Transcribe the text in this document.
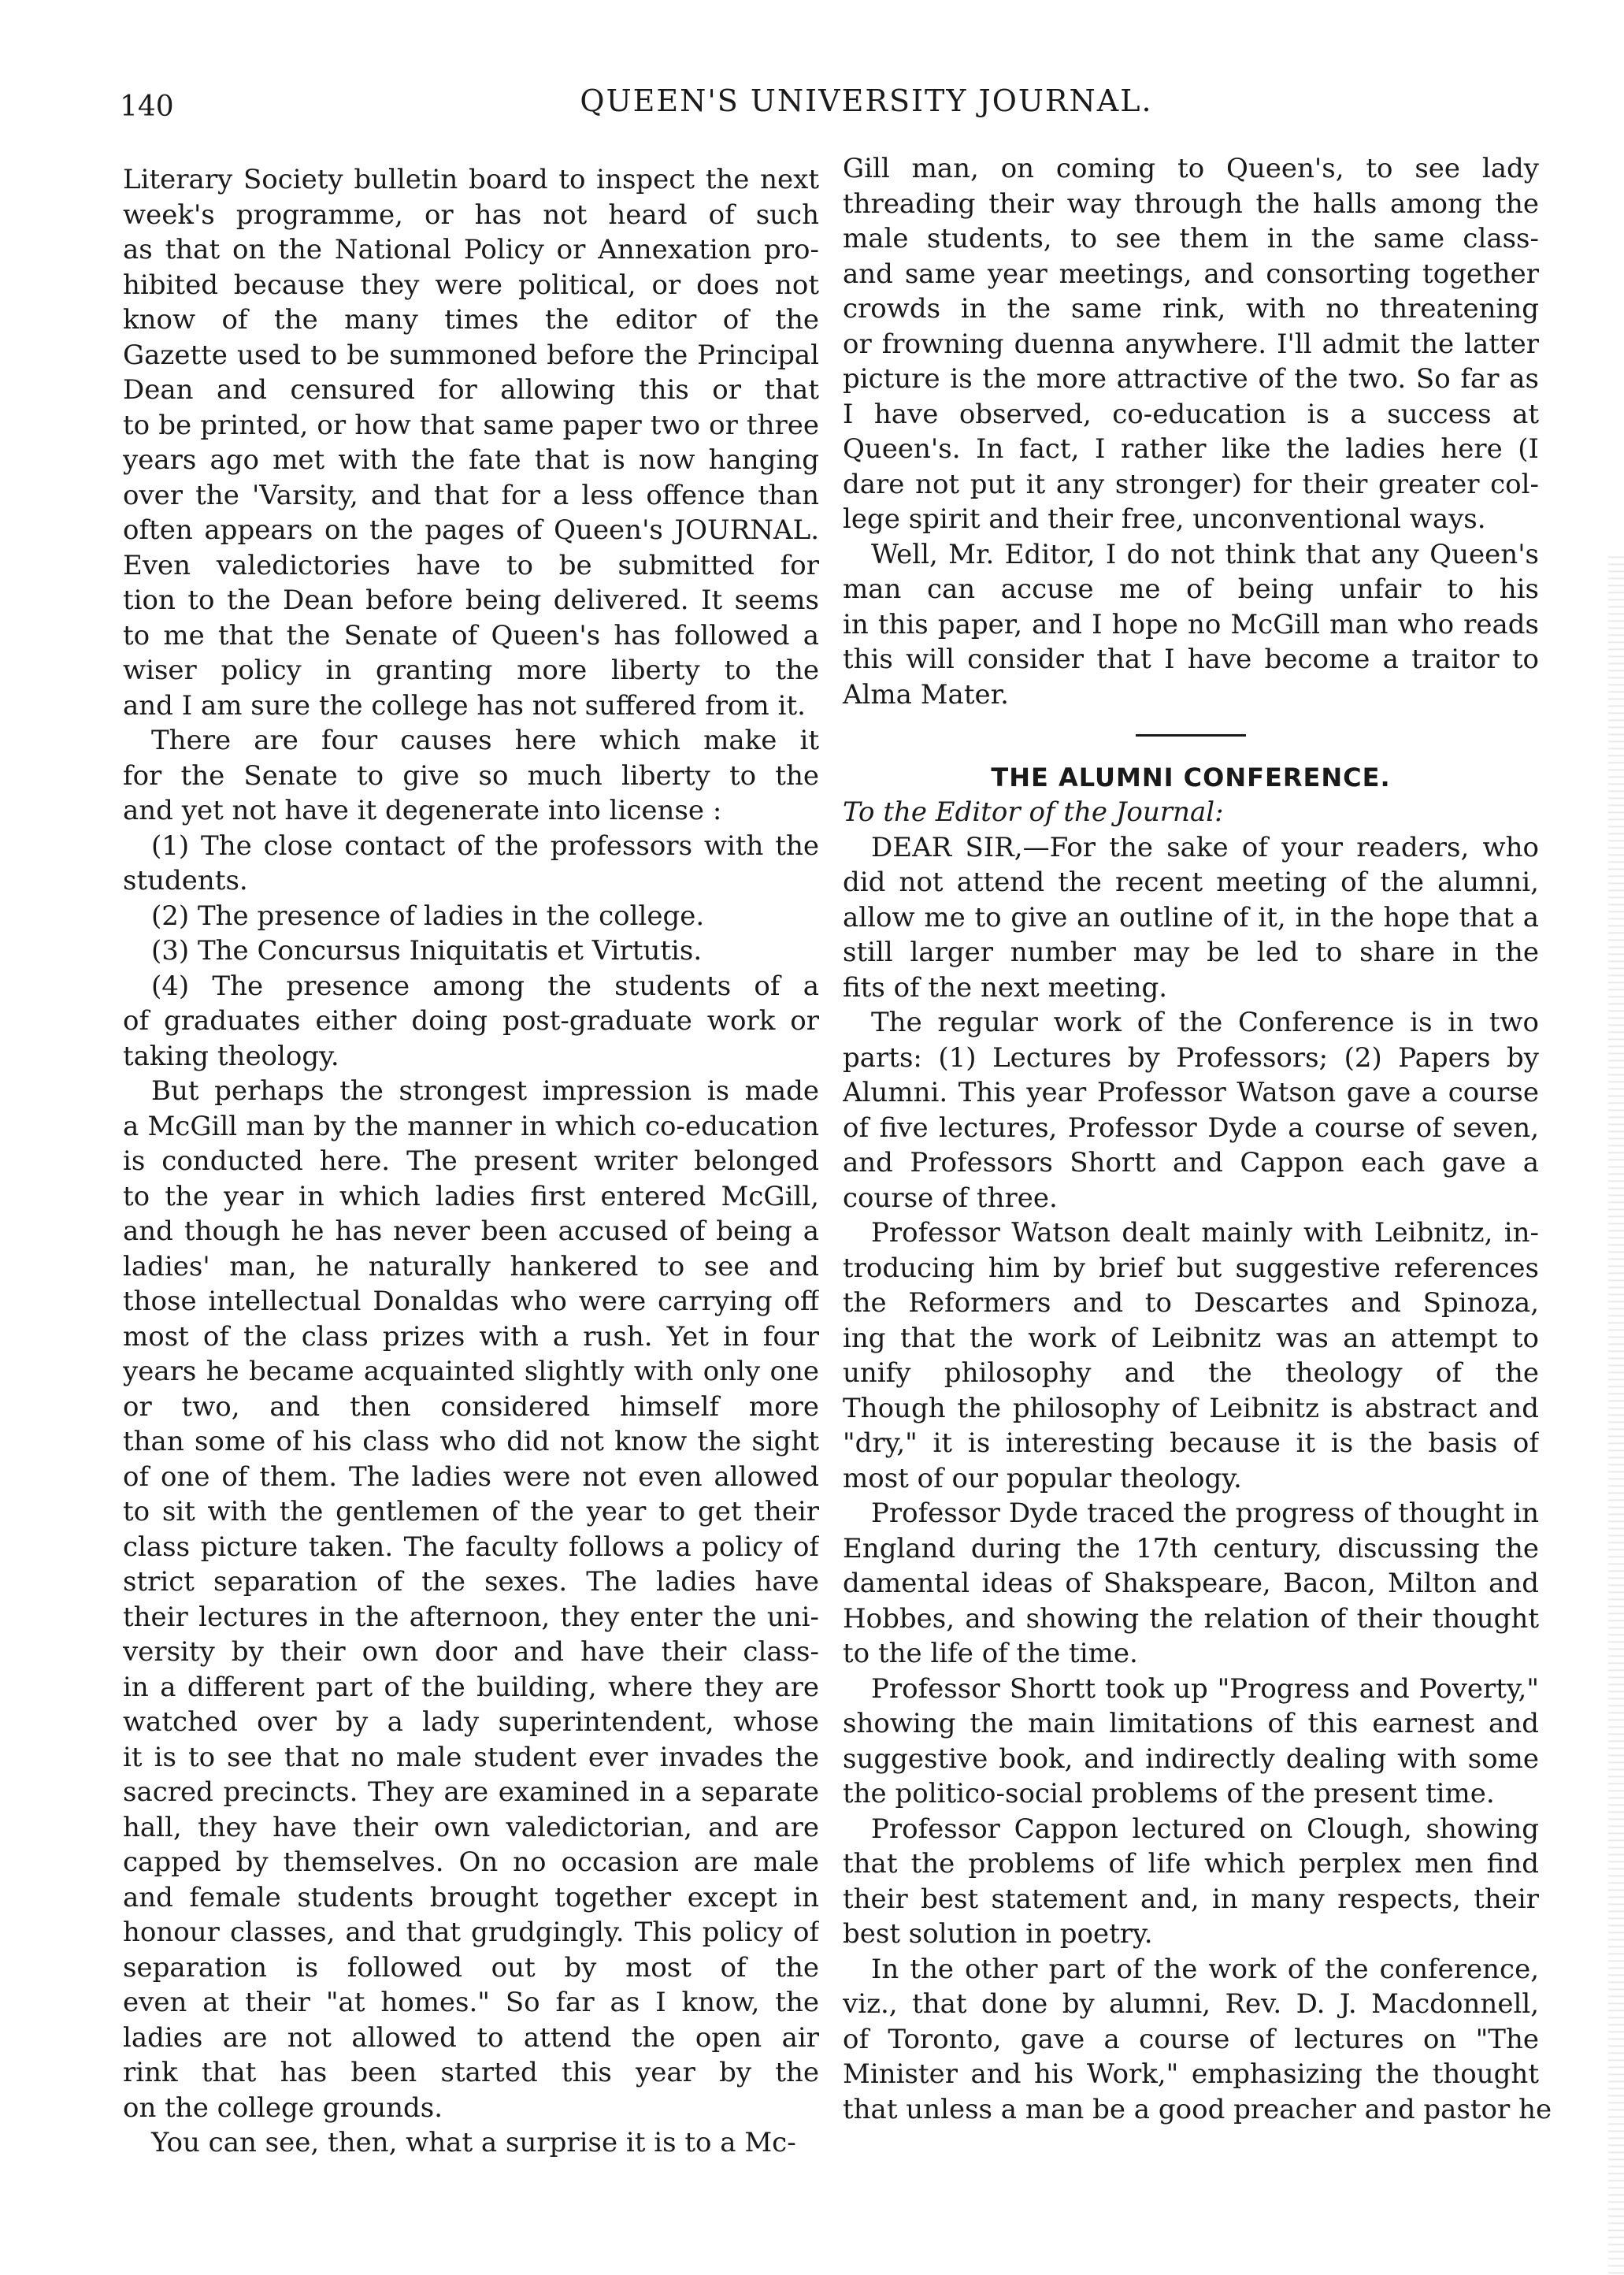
140	QUEEN'S UNIVERSITY JOURNAL.
Literary Society bulletin board to inspect the next
week's programme, or has not heard of such
as that on the National Policy or Annexation pro-
hibited because they were political, or does not
know of the many times the editor of the
Gazette used to be summoned before the Principal
Dean and censured for allowing this or that
to be printed, or how that same paper two or three
years ago met with the fate that is now hanging
over the 'Varsity, and that for a less offence than
often appears on the pages of Queen's JOURNAL.
Even valedictories have to be submitted for
tion to the Dean before being delivered. It seems
to me that the Senate of Queen's has followed a
wiser policy in granting more liberty to the
and I am sure the college has not suffered from it.
There are four causes here which make it
for the Senate to give so much liberty to the
and yet not have it degenerate into license :
(1) The close contact of the professors with the
students.
(2) The presence of ladies in the college.
(3) The Concursus Iniquitatis et Virtutis.
(4) The presence among the students of a
of graduates either doing post-graduate work or
taking theology.
But perhaps the strongest impression is made
a McGill man by the manner in which co-education
is conducted here. The present writer belonged
to the year in which ladies first entered McGill,
and though he has never been accused of being a
ladies' man, he naturally hankered to see and
those intellectual Donaldas who were carrying off
most of the class prizes with a rush. Yet in four
years he became acquainted slightly with only one
or two, and then considered himself more
than some of his class who did not know the sight
of one of them. The ladies were not even allowed
to sit with the gentlemen of the year to get their
class picture taken. The faculty follows a policy of
strict separation of the sexes. The ladies have
their lectures in the afternoon, they enter the uni-
versity by their own door and have their class-
in a different part of the building, where they are
watched over by a lady superintendent, whose
it is to see that no male student ever invades the
sacred precincts. They are examined in a separate
hall, they have their own valedictorian, and are
capped by themselves. On no occasion are male
and female students brought together except in
honour classes, and that grudgingly. This policy of
separation is followed out by most of the
even at their "at homes." So far as I know, the
ladies are not allowed to attend the open air
rink that has been started this year by the
on the college grounds.
You can see, then, what a surprise it is to a Mc-
Gill man, on coming to Queen's, to see lady
threading their way through the halls among the
male students, to see them in the same class-
and same year meetings, and consorting together
crowds in the same rink, with no threatening
or frowning duenna anywhere. I'll admit the latter
picture is the more attractive of the two. So far as
I have observed, co-education is a success at
Queen's. In fact, I rather like the ladies here (I
dare not put it any stronger) for their greater col-
lege spirit and their free, unconventional ways.
Well, Mr. Editor, I do not think that any Queen's
man can accuse me of being unfair to his
in this paper, and I hope no McGill man who reads
this will consider that I have become a traitor to
Alma Mater.
THE ALUMNI CONFERENCE.
To the Editor of the Journal:
DEAR SIR,—For the sake of your readers, who
did not attend the recent meeting of the alumni,
allow me to give an outline of it, in the hope that a
still larger number may be led to share in the
fits of the next meeting.
The regular work of the Conference is in two
parts: (1) Lectures by Professors; (2) Papers by
Alumni. This year Professor Watson gave a course
of five lectures, Professor Dyde a course of seven,
and Professors Shortt and Cappon each gave a
course of three.
Professor Watson dealt mainly with Leibnitz, in-
troducing him by brief but suggestive references
the Reformers and to Descartes and Spinoza,
ing that the work of Leibnitz was an attempt to
unify philosophy and the theology of the
Though the philosophy of Leibnitz is abstract and
"dry," it is interesting because it is the basis of
most of our popular theology.
Professor Dyde traced the progress of thought in
England during the 17th century, discussing the
damental ideas of Shakspeare, Bacon, Milton and
Hobbes, and showing the relation of their thought
to the life of the time.
Professor Shortt took up "Progress and Poverty,"
showing the main limitations of this earnest and
suggestive book, and indirectly dealing with some
the politico-social problems of the present time.
Professor Cappon lectured on Clough, showing
that the problems of life which perplex men find
their best statement and, in many respects, their
best solution in poetry.
In the other part of the work of the conference,
viz., that done by alumni, Rev. D. J. Macdonnell,
of Toronto, gave a course of lectures on "The
Minister and his Work," emphasizing the thought
that unless a man be a good preacher and pastor he
